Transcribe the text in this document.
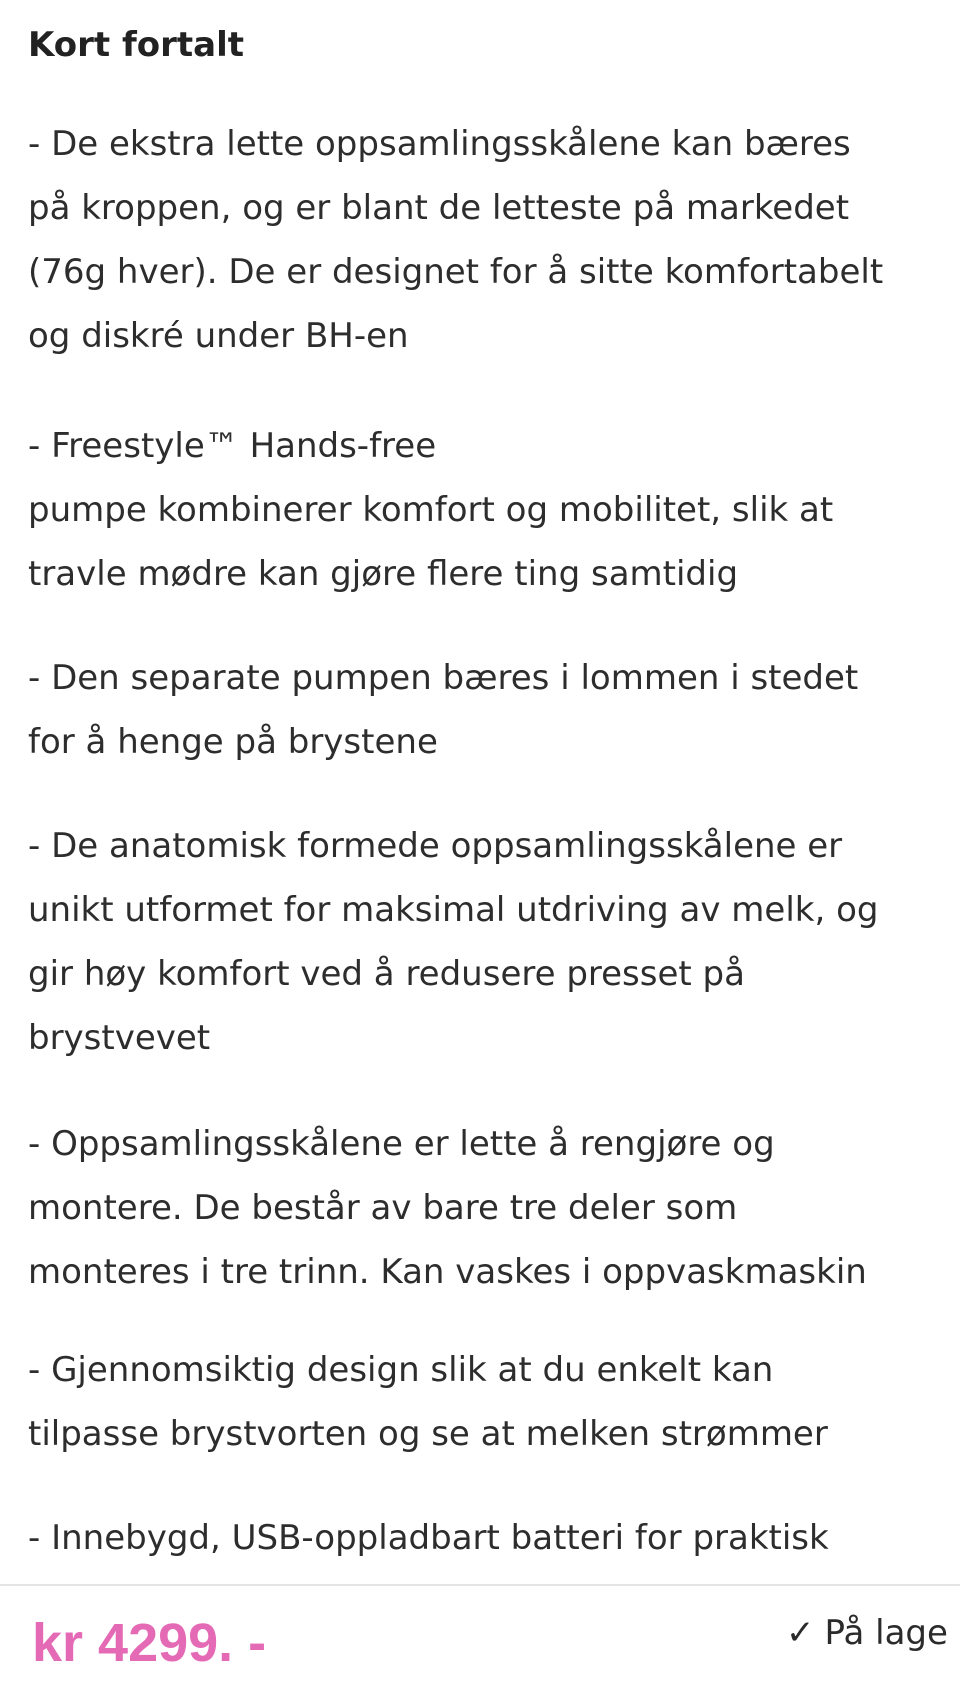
Kort fortalt

- De ekstra lette oppsamlingsskålene kan bæres
på kroppen, og er blant de letteste på markedet
(76g hver). De er designet for å sitte komfortabelt
og diskré under BH-en

- Freestyle™ Hands-free
pumpe kombinerer komfort og mobilitet, slik at
travle mødre kan gjøre flere ting samtidig

- Den separate pumpen bæres i lommen i stedet
for å henge på brystene

- De anatomisk formede oppsamlingsskålene er
unikt utformet for maksimal utdriving av melk, og
gir høy komfort ved å redusere presset på
brystvevet

- Oppsamlingsskålene er lette å rengjøre og
montere. De består av bare tre deler som
monteres i tre trinn. Kan vaskes i oppvaskmaskin

- Gjennomsiktig design slik at du enkelt kan
tilpasse brystvorten og se at melken strømmer

- Innebygd, USB-oppladbart batteri for praktisk

kr 4299. -	✓ På lage
